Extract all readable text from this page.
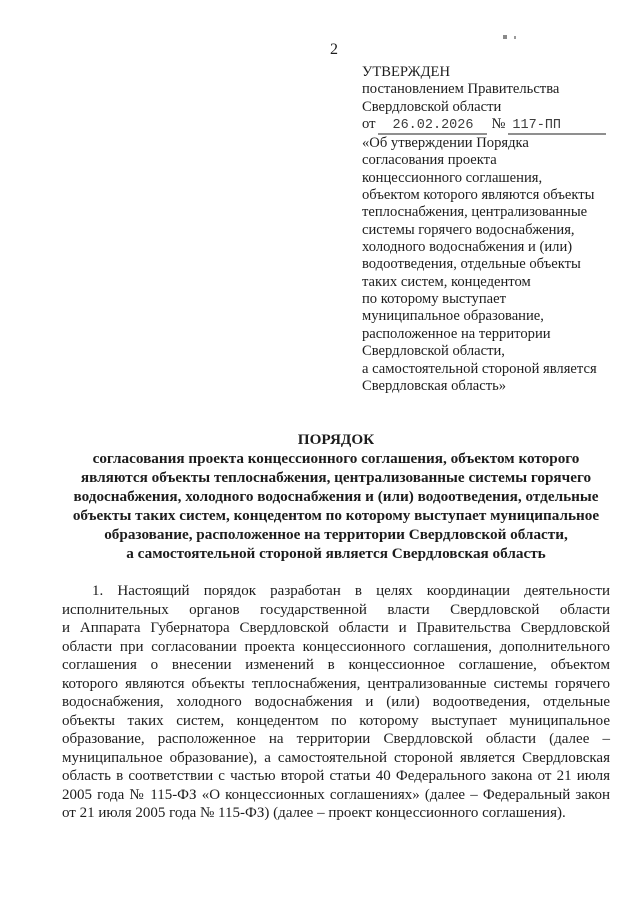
2
УТВЕРЖДЕН
постановлением Правительства
Свердловской области
от 26.02.2026 № 117-ПП
«Об утверждении Порядка
согласования проекта
концессионного соглашения,
объектом которого являются объекты
теплоснабжения, централизованные
системы горячего водоснабжения,
холодного водоснабжения и (или)
водоотведения, отдельные объекты
таких систем, концедентом
по которому выступает
муниципальное образование,
расположенное на территории
Свердловской области,
а самостоятельной стороной является
Свердловская область»
ПОРЯДОК
согласования проекта концессионного соглашения, объектом которого
являются объекты теплоснабжения, централизованные системы горячего
водоснабжения, холодного водоснабжения и (или) водоотведения, отдельные
объекты таких систем, концедентом по которому выступает муниципальное
образование, расположенное на территории Свердловской области,
а самостоятельной стороной является Свердловская область
1. Настоящий порядок разработан в целях координации деятельности
исполнительных органов государственной власти Свердловской области
и Аппарата Губернатора Свердловской области и Правительства Свердловской
области при согласовании проекта концессионного соглашения, дополнительного
соглашения о внесении изменений в концессионное соглашение, объектом
которого являются объекты теплоснабжения, централизованные системы горячего
водоснабжения, холодного водоснабжения и (или) водоотведения, отдельные
объекты таких систем, концедентом по которому выступает муниципальное
образование, расположенное на территории Свердловской области (далее –
муниципальное образование), а самостоятельной стороной является Свердловская
область в соответствии с частью второй статьи 40 Федерального закона от 21 июля
2005 года № 115-ФЗ «О концессионных соглашениях» (далее – Федеральный закон
от 21 июля 2005 года № 115-ФЗ) (далее – проект концессионного соглашения).
